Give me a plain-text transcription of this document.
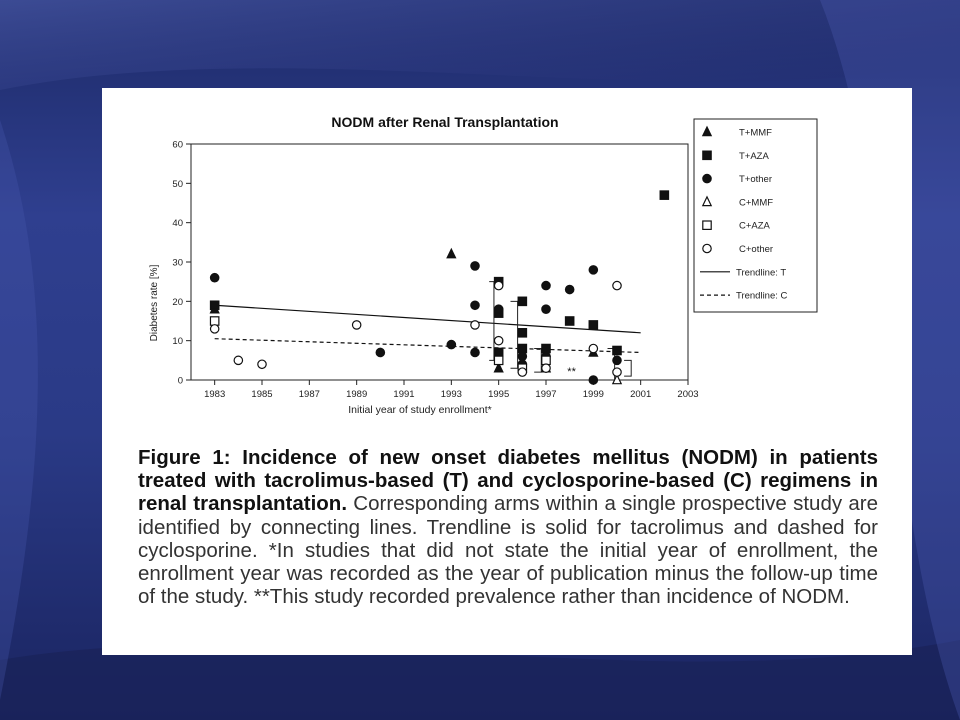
NODM after Renal Transplantation
0
10
20
30
40
50
60
1983	1985	1987	1989	1991	1993	1995	1997	1999	2001	2003
**
Diabetes rate [%]
Initial year of study enrollment*
T+MMF
T+AZA
T+other
C+MMF
C+AZA
C+other
Trendline: T
Trendline: C
Figure 1: Incidence of new onset diabetes mellitus (NODM) in patients treated with tacrolimus-based (T) and cyclosporine-based (C) regimens in renal transplantation. Corresponding arms within a single prospective study are identified by connecting lines. Trendline is solid for tacrolimus and dashed for cyclosporine. *In studies that did not state the initial year of enrollment, the enrollment year was recorded as the year of publication minus the follow-up time of the study. **This study recorded prevalence rather than incidence of NODM.
